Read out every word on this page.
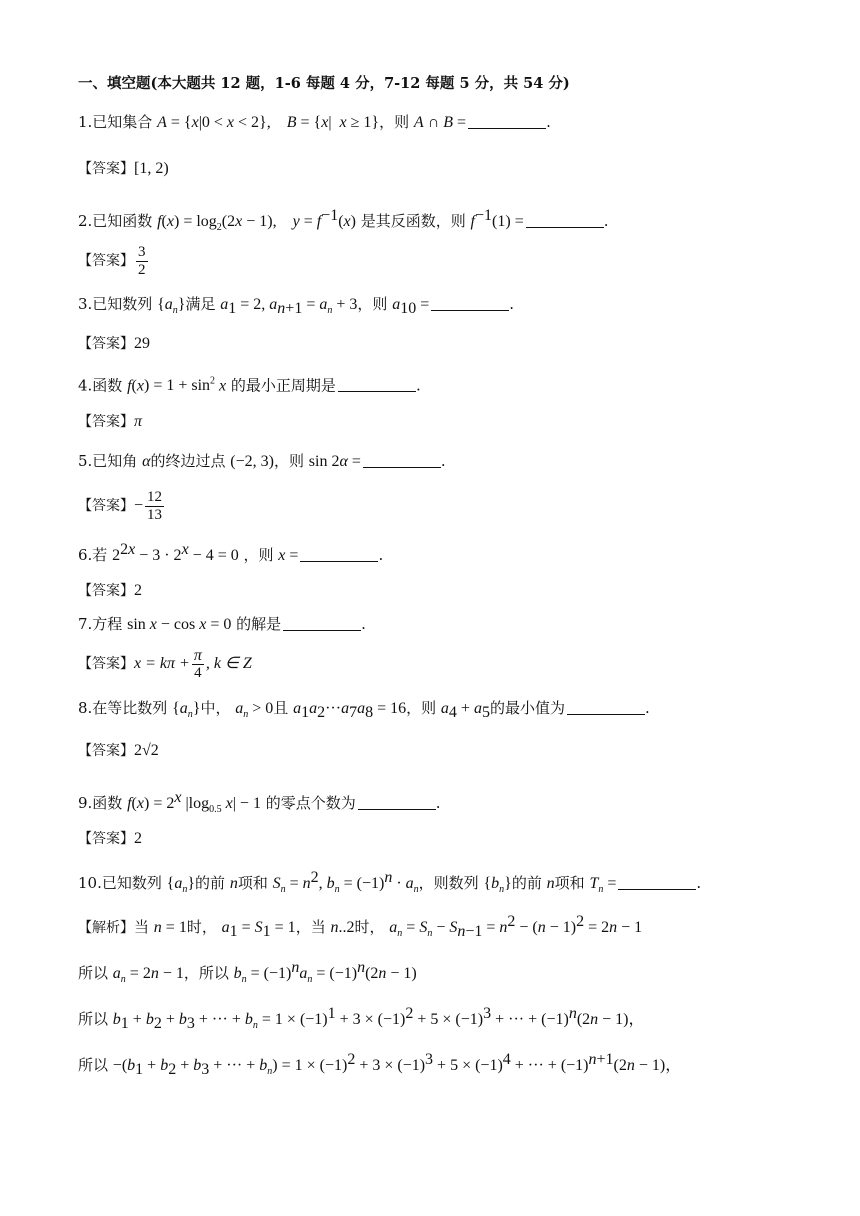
一、填空题(本大题共 12 题，1-6 每题 4 分，7-12 每题 5 分，共 54 分)
1.已知集合 A = {x|0 < x < 2},    B = {x|  x ≥ 1}，则 A ∩ B =	.
【答案】[1, 2)
2.已知函数 $f(x) = \log_2(2x - 1)$,    $y = f^{-1}(x)$ 是其反函数，则 $f^{-1}(1)$ =	.
【答案】 $\frac{3}{2}$
3.已知数列 $\{a_n\}$满足 $a_1 = 2$, $a_{n+1} = a_n + 3$，则 $a_{10}$ =	.
【答案】29
4.函数 $f(x) = 1 + \sin^2 x$ 的最小正周期是	.
【答案】π
5.已知角 α的终边过点 (−2, 3)，则 sin 2α =	.
【答案】− $\frac{12}{13}$
6.若 $2^{2x} - 3 \cdot 2^x - 4 = 0$ ，则 x =	.
【答案】2
7.方程 sin x − cos x = 0 的解是	.
【答案】$x = k\pi + \frac{\pi}{4}$ , k ∈ Z
8.在等比数列 $\{a_n\}$中， $a_n > 0$且 $a_1a_2\cdot\cdot\cdot a_7a_8 = 16$，则 $a_4 + a_5$的最小值为	.
【答案】2√2
9.函数 $f(x) = 2^x$ $|\log_{0.5}$ x| − 1 的零点个数为	.
【答案】2
10.已知数列 $\{a_n\}$的前 n项和 $S_n = n^2$, $b_n = (-1)^n \cdot a_n$，则数列 $\{b_n\}$的前 n项和 $T_n$ =	.
【解析】当 n = 1时， $a_1 = S_1 = 1$，当 n..2时， $a_n = S_n - S_{n-1} = n^2 - (n - 1)^2 = 2n - 1$
所以 $a_n = 2n - 1$，所以 $b_n = (-1)^na_n = (-1)^n(2n - 1)$
所以 $b_1 + b_2 + b_3$ + ··· + $b_n = 1 \times (-1)^1 + 3 \times (-1)^2 + 5 \times (-1)^3$ + ··· + $(-1)^n(2n - 1)$，
所以 $-(b_1 + b_2 + b_3$ + ··· + $b_n) = 1 \times (-1)^2 + 3 \times (-1)^3 + 5 \times (-1)^4$ + ··· + $(-1)^{n+1}(2n - 1)$，
